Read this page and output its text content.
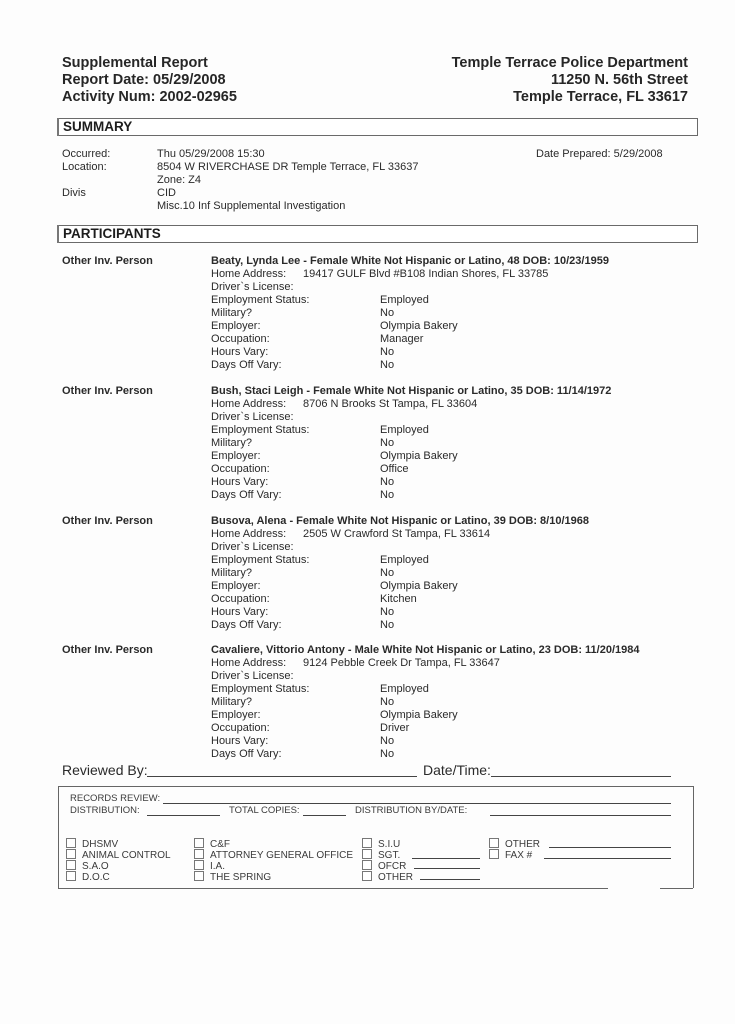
Supplemental Report
Report Date: 05/29/2008
Activity Num: 2002-02965
Temple Terrace Police Department
11250 N. 56th Street
Temple Terrace, FL 33617
SUMMARY
Occurred:	Thu 05/29/2008 15:30	Date Prepared: 5/29/2008
Location:	8504 W RIVERCHASE DR Temple Terrace, FL 33637
Zone: Z4
Divis	CID
Misc.10 Inf Supplemental Investigation
PARTICIPANTS
Other Inv. Person	Beaty, Lynda Lee - Female White Not Hispanic or Latino, 48 DOB: 10/23/1959
Home Address: 19417 GULF Blvd #B108 Indian Shores, FL 33785
Driver`s License:
Employment Status:	Employed
Military?	No
Employer:	Olympia Bakery
Occupation:	Manager
Hours Vary:	No
Days Off Vary:	No
Other Inv. Person	Bush, Staci Leigh - Female White Not Hispanic or Latino, 35 DOB: 11/14/1972
Home Address: 8706 N Brooks St Tampa, FL 33604
Driver`s License:
Employment Status:	Employed
Military?	No
Employer:	Olympia Bakery
Occupation:	Office
Hours Vary:	No
Days Off Vary:	No
Other Inv. Person	Busova, Alena - Female White Not Hispanic or Latino, 39 DOB: 8/10/1968
Home Address: 2505 W Crawford St Tampa, FL 33614
Driver`s License:
Employment Status:	Employed
Military?	No
Employer:	Olympia Bakery
Occupation:	Kitchen
Hours Vary:	No
Days Off Vary:	No
Other Inv. Person	Cavaliere, Vittorio Antony - Male White Not Hispanic or Latino, 23 DOB: 11/20/1984
Home Address: 9124 Pebble Creek Dr Tampa, FL 33647
Driver`s License:
Employment Status:	Employed
Military?	No
Employer:	Olympia Bakery
Occupation:	Driver
Hours Vary:	No
Days Off Vary:	No
Reviewed By:	Date/Time:
RECORDS REVIEW:
DISTRIBUTION:	TOTAL COPIES:	DISTRIBUTION BY/DATE:
DHSMV
ANIMAL CONTROL
S.A.O
D.O.C
C&F
ATTORNEY GENERAL OFFICE
I.A.
THE SPRING
S.I.U
SGT.
OFCR
OTHER
OTHER
FAX #
